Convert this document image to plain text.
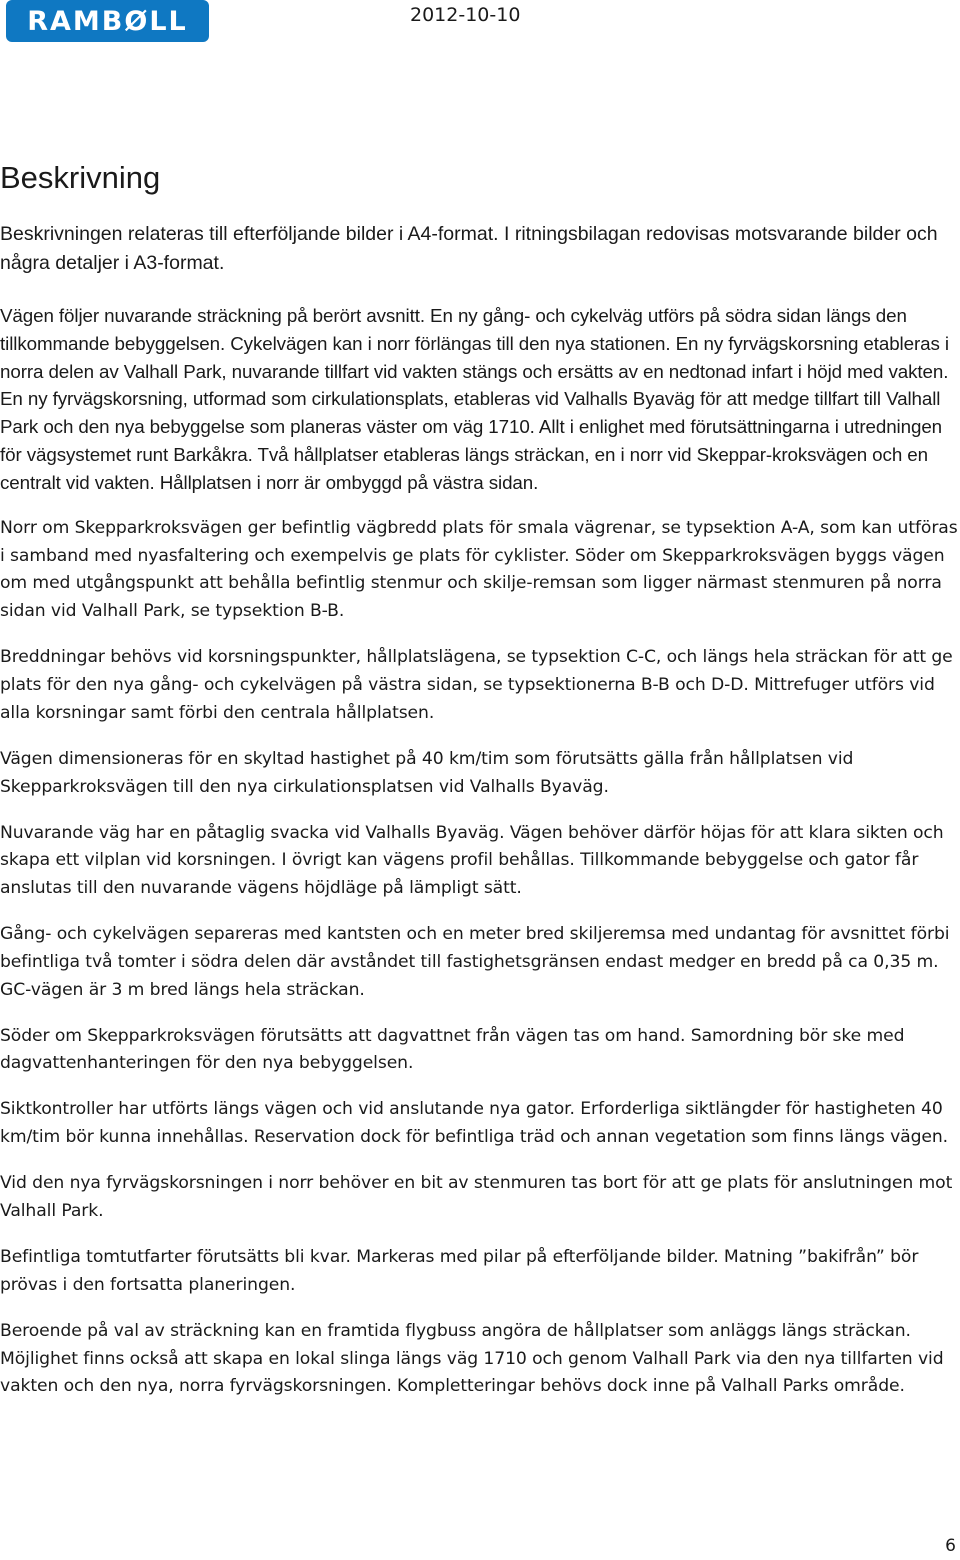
RAMBØLL	2012-10-10
Beskrivning

Beskrivningen relateras till efterföljande bilder i A4-format. I ritningsbilagan redovisas motsvarande bilder och några detaljer i A3-format.

Vägen följer nuvarande sträckning på berört avsnitt. En ny gång- och cykelväg utförs på södra sidan längs den tillkommande bebyggelsen. Cykelvägen kan i norr förlängas till den nya stationen. En ny fyrvägskorsning etableras i norra delen av Valhall Park, nuvarande tillfart vid vakten stängs och ersätts av en nedtonad infart i höjd med vakten. En ny fyrvägskorsning, utformad som cirkulationsplats, etableras vid Valhalls Byaväg för att medge tillfart till Valhall Park och den nya bebyggelse som planeras väster om väg 1710. Allt i enlighet med förutsättningarna i utredningen för vägsystemet runt Barkåkra. Två hållplatser etableras längs sträckan, en i norr vid Skeppar-kroksvägen och en centralt vid vakten. Hållplatsen i norr är ombyggd på västra sidan.

Norr om Skepparkroksvägen ger befintlig vägbredd plats för smala vägrenar, se typsektion A-A, som kan utföras i samband med nyasfaltering och exempelvis ge plats för cyklister. Söder om Skepparkroksvägen byggs vägen om med utgångspunkt att behålla befintlig stenmur och skilje-remsan som ligger närmast stenmuren på norra sidan vid Valhall Park, se typsektion B-B.

Breddningar behövs vid korsningspunkter, hållplatslägena, se typsektion C-C, och längs hela sträckan för att ge plats för den nya gång- och cykelvägen på västra sidan, se typsektionerna B-B och D-D. Mittrefuger utförs vid alla korsningar samt förbi den centrala hållplatsen.

Vägen dimensioneras för en skyltad hastighet på 40 km/tim som förutsätts gälla från hållplatsen vid Skepparkroksvägen till den nya cirkulationsplatsen vid Valhalls Byaväg.

Nuvarande väg har en påtaglig svacka vid Valhalls Byaväg. Vägen behöver därför höjas för att klara sikten och skapa ett vilplan vid korsningen. I övrigt kan vägens profil behållas. Tillkommande bebyggelse och gator får anslutas till den nuvarande vägens höjdläge på lämpligt sätt.

Gång- och cykelvägen separeras med kantsten och en meter bred skiljeremsa med undantag för avsnittet förbi befintliga två tomter i södra delen där avståndet till fastighetsgränsen endast medger en bredd på ca 0,35 m. GC-vägen är 3 m bred längs hela sträckan.

Söder om Skepparkroksvägen förutsätts att dagvattnet från vägen tas om hand. Samordning bör ske med dagvattenhanteringen för den nya bebyggelsen.

Siktkontroller har utförts längs vägen och vid anslutande nya gator. Erforderliga siktlängder för hastigheten 40 km/tim bör kunna innehållas. Reservation dock för befintliga träd och annan vegetation som finns längs vägen.

Vid den nya fyrvägskorsningen i norr behöver en bit av stenmuren tas bort för att ge plats för anslutningen mot Valhall Park.

Befintliga tomtutfarter förutsätts bli kvar. Markeras med pilar på efterföljande bilder. Matning ”bakifrån” bör prövas i den fortsatta planeringen.

Beroende på val av sträckning kan en framtida flygbuss angöra de hållplatser som anläggs längs sträckan. Möjlighet finns också att skapa en lokal slinga längs väg 1710 och genom Valhall Park via den nya tillfarten vid vakten och den nya, norra fyrvägskorsningen. Kompletteringar behövs dock inne på Valhall Parks område.

6
